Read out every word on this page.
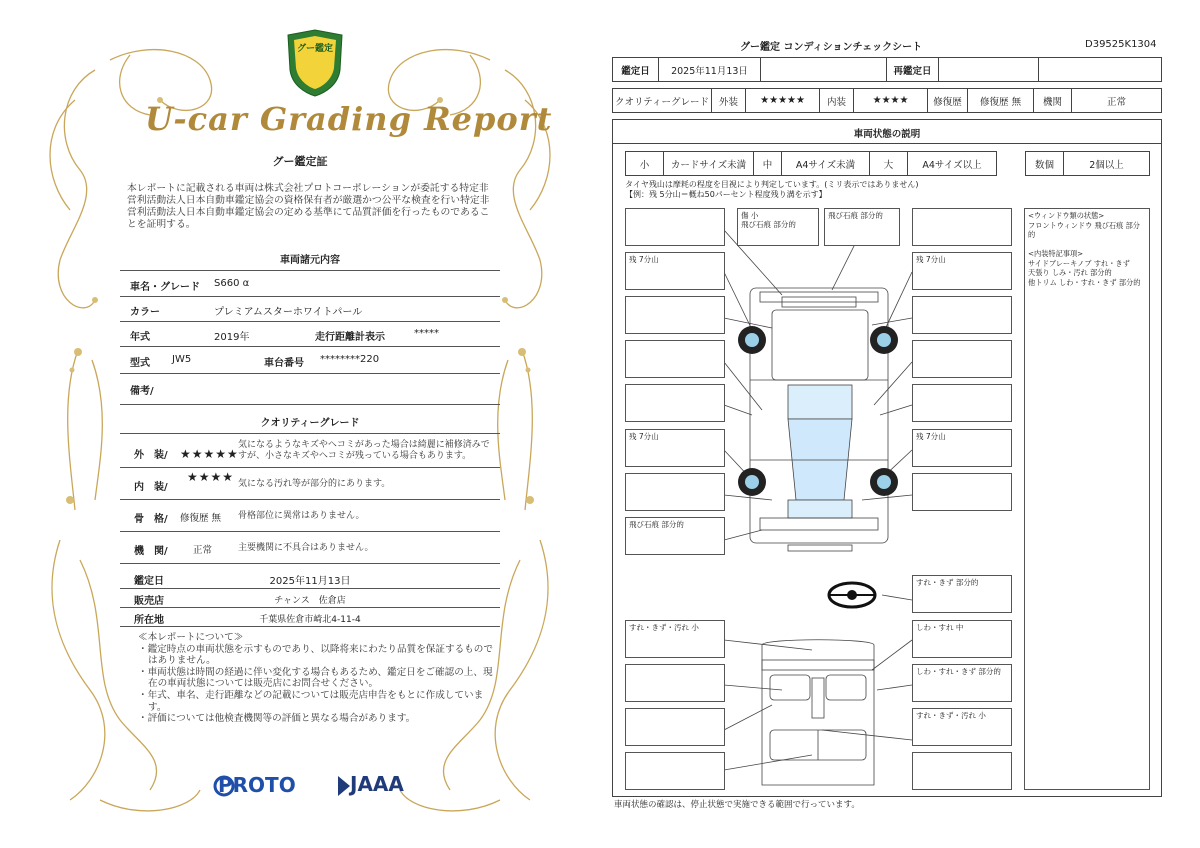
グー鑑定
U-car Grading Report
グー鑑定証
本レポートに記載される車両は株式会社プロトコーポレーションが委託する特定非営利活動法人日本自動車鑑定協会の資格保有者が厳選かつ公平な検査を行い特定非営利活動法人日本自動車鑑定協会の定める基準にて品質評価を行ったものであることを証明する。
車両諸元内容
車名・グレード S660 α
カラー	プレミアムスターホワイトパール
年式	2019年	走行距離計表示	*****
型式 JW5	車台番号 ********220
備考/
クオリティーグレード
外　装/ ★★★★★
気になるようなキズやヘコミがあった場合は綺麗に補修済みですが、小さなキズやヘコミが残っている場合もあります。
内　装/
★★★★ 気になる汚れ等が部分的にあります。
骨　格/ 修復歴 無 骨格部位に異常はありません。
機　関/	正常	主要機関に不具合はありません。
鑑定日	2025年11月13日
販売店	チャンス　佐倉店
所在地	千葉県佐倉市崎北4-11-4
≪本レポートについて≫
・鑑定時点の車両状態を示すものであり、以降将来にわたり品質を保証するものではありません。
・車両状態は時間の経過に伴い変化する場合もあるため、鑑定日をご確認の上、現在の車両状態については販売店にお問合せください。
・年式、車名、走行距離などの記載については販売店申告をもとに作成しています。
・評価については他検査機関等の評価と異なる場合があります。
PROTO	JAAA
グー鑑定 コンディションチェックシート	D39525K1304
鑑定日	2025年11月13日		再鑑定日		
クオリティーグレード	外装	★★★★★	内装	★★★★	修復歴	修復歴 無	機関	正常
車両状態の説明
小	カードサイズ未満	中	A4サイズ未満	大	A4サイズ以上	数個	2個以上
タイヤ残山は摩耗の程度を目視により判定しています。(ミリ表示ではありません)
【例：残 5分山＝概ね50パーセント程度残り溝を示す】
傷 小
飛び石痕 部分的
飛び石痕 部分的
残 7分山
残 7分山
飛び石痕 部分的
すれ・きず・汚れ 小
残 7分山
残 7分山
すれ・きず 部分的
しわ・すれ 中
しわ・すれ・きず 部分的
すれ・きず・汚れ 小
<ウィンドウ類の状態>
フロントウィンドウ 飛び石痕 部分的

<内装特記事項>
サイドブレーキノブ すれ・きず
天張り しみ・汚れ 部分的
他トリム しわ・すれ・きず 部分的
車両状態の確認は、停止状態で実施できる範囲で行っています。
